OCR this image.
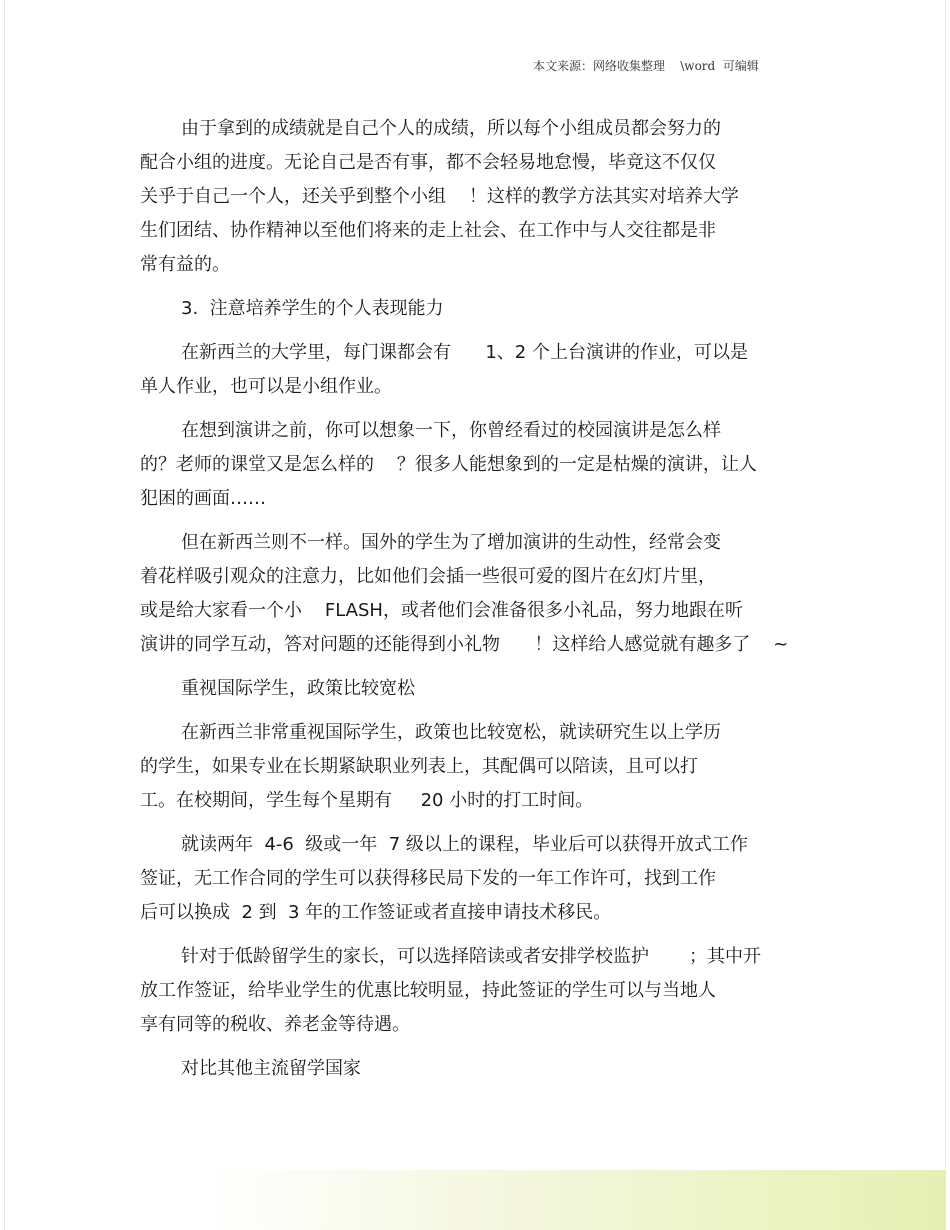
本文来源：网络收集整理    \word  可编辑
由于拿到的成绩就是自己个人的成绩，所以每个小组成员都会努力的
配合小组的进度。无论自己是否有事，都不会轻易地怠慢，毕竟这不仅仅
关乎于自己一个人，还关乎到整个小组    ！这样的教学方法其实对培养大学
生们团结、协作精神以至他们将来的走上社会、在工作中与人交往都是非
常有益的。
3.  注意培养学生的个人表现能力
在新西兰的大学里，每门课都会有      1、2 个上台演讲的作业，可以是
单人作业，也可以是小组作业。
在想到演讲之前，你可以想象一下，你曾经看过的校园演讲是怎么样
的？老师的课堂又是怎么样的    ？很多人能想象到的一定是枯燥的演讲，让人
犯困的画面……
但在新西兰则不一样。国外的学生为了增加演讲的生动性，经常会变
着花样吸引观众的注意力，比如他们会插一些很可爱的图片在幻灯片里，
或是给大家看一个小    FLASH，或者他们会准备很多小礼品，努力地跟在听
演讲的同学互动，答对问题的还能得到小礼物      ！这样给人感觉就有趣多了    ~
重视国际学生，政策比较宽松
在新西兰非常重视国际学生，政策也比较宽松，就读研究生以上学历
的学生，如果专业在长期紧缺职业列表上，其配偶可以陪读，且可以打
工。在校期间，学生每个星期有     20 小时的打工时间。
就读两年  4-6  级或一年  7 级以上的课程，毕业后可以获得开放式工作
签证，无工作合同的学生可以获得移民局下发的一年工作许可，找到工作
后可以换成  2 到  3 年的工作签证或者直接申请技术移民。
针对于低龄留学生的家长，可以选择陪读或者安排学校监护       ；其中开
放工作签证，给毕业学生的优惠比较明显，持此签证的学生可以与当地人
享有同等的税收、养老金等待遇。
对比其他主流留学国家
